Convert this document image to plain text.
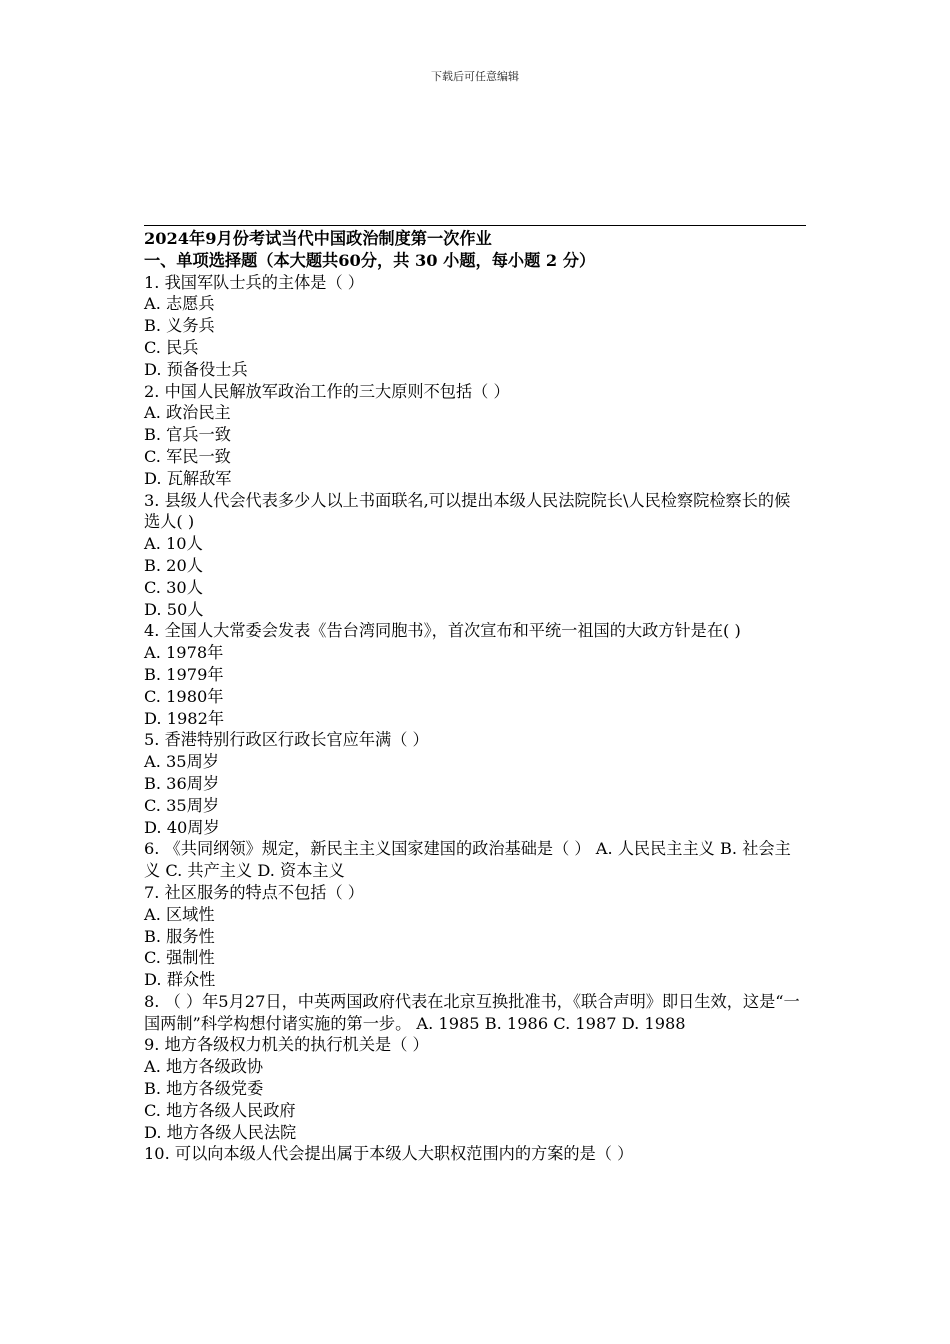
下载后可任意编辑
2024年9月份考试当代中国政治制度第一次作业
一、单项选择题（本大题共60分，共 30 小题，每小题 2 分）
1. 我国军队士兵的主体是（ ）
A. 志愿兵
B. 义务兵
C. 民兵
D. 预备役士兵
2. 中国人民解放军政治工作的三大原则不包括（ ）
A. 政治民主
B. 官兵一致
C. 军民一致
D. 瓦解敌军
3. 县级人代会代表多少人以上书面联名,可以提出本级人民法院院长\人民检察院检察长的候选人( )
A. 10人
B. 20人
C. 30人
D. 50人
4. 全国人大常委会发表《告台湾同胞书》，首次宣布和平统一祖国的大政方针是在( )
A. 1978年
B. 1979年
C. 1980年
D. 1982年
5. 香港特别行政区行政长官应年满（ ）
A. 35周岁
B. 36周岁
C. 35周岁
D. 40周岁
6. 《共同纲领》规定，新民主主义国家建国的政治基础是（ ） A. 人民民主主义 B. 社会主义 C. 共产主义 D. 资本主义
7. 社区服务的特点不包括（ ）
A. 区域性
B. 服务性
C. 强制性
D. 群众性
8. （ ）年5月27日，中英两国政府代表在北京互换批准书，《联合声明》即日生效，这是“一国两制”科学构想付诸实施的第一步。 A. 1985 B. 1986 C. 1987 D. 1988
9. 地方各级权力机关的执行机关是（ ）
A. 地方各级政协
B. 地方各级党委
C. 地方各级人民政府
D. 地方各级人民法院
10. 可以向本级人代会提出属于本级人大职权范围内的方案的是（ ）
